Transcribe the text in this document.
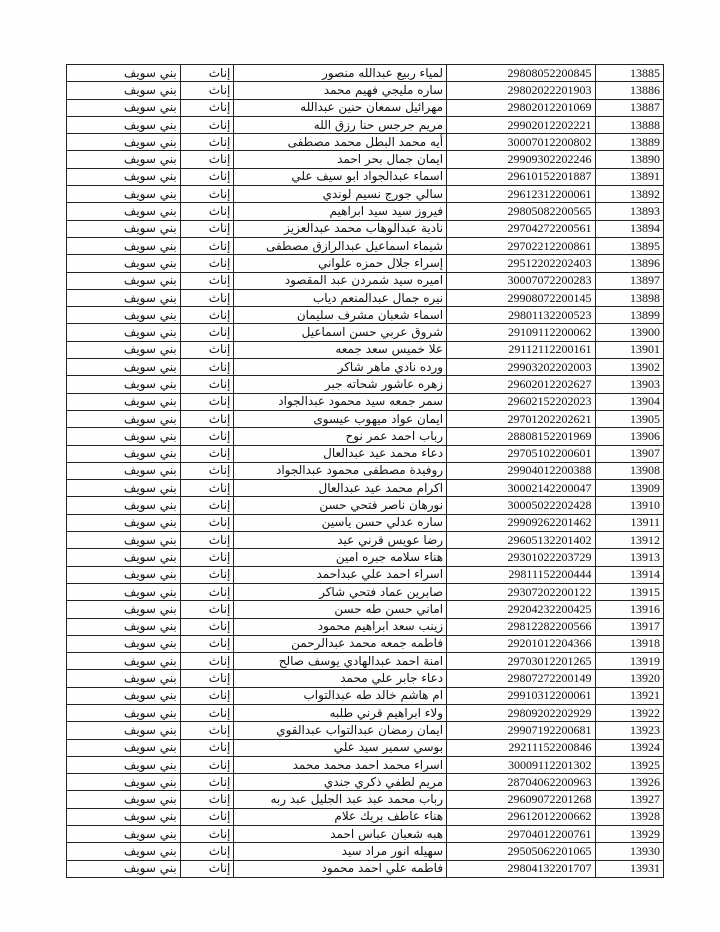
بني سويف	إناث	لمياء ربيع عبدالله منصور	29808052200845	13885
بني سويف	إناث	ساره مليجي فهيم محمد	29802022201903	13886
بني سويف	إناث	مهرائيل سمعان حنين عبدالله	29802012201069	13887
بني سويف	إناث	مريم جرجس حنا رزق الله	29902012202221	13888
بني سويف	إناث	أيه محمد البطل محمد مصطفى	30007012200802	13889
بني سويف	إناث	ايمان جمال بحر احمد	29909302202246	13890
بني سويف	إناث	اسماء عبدالجواد ابو سيف علي	29610152201887	13891
بني سويف	إناث	سالي جورج نسيم لوندي	29612312200061	13892
بني سويف	إناث	فيروز سيد سيد ابراهيم	29805082200565	13893
بني سويف	إناث	نادية عبدالوهاب محمد عبدالعزيز	29704272200561	13894
بني سويف	إناث	شيماء اسماعيل عبدالرازق مصطفى	29702212200861	13895
بني سويف	إناث	إسراء جلال حمزه علواني	29512202202403	13896
بني سويف	إناث	اميره سيد شمردن عبد المقصود	30007072200283	13897
بني سويف	إناث	نيره جمال عبدالمنعم دياب	29908072200145	13898
بني سويف	إناث	اسماء شعبان مشرف سليمان	29801132200523	13899
بني سويف	إناث	شروق عربي حسن اسماعيل	29109112200062	13900
بني سويف	إناث	علا خميس سعد جمعه	29112112200161	13901
بني سويف	إناث	ورده نادي ماهر شاكر	29903202202003	13902
بني سويف	إناث	زهره عاشور شحاته جبر	29602012202627	13903
بني سويف	إناث	سمر جمعه سيد محمود عبدالجواد	29602152202023	13904
بني سويف	إناث	ايمان عواد ميهوب عيسوى	29701202202621	13905
بني سويف	إناث	رباب احمد عمر نوح	28808152201969	13906
بني سويف	إناث	دعاء محمد عيد عبدالعال	29705102200601	13907
بني سويف	إناث	روفيدة مصطفى محمود عبدالجواد	29904012200388	13908
بني سويف	إناث	اكرام محمد عيد عبدالعال	30002142200047	13909
بني سويف	إناث	نورهان ناصر فتحي حسن	30005022202428	13910
بني سويف	إناث	ساره عدلي حسن ياسين	29909262201462	13911
بني سويف	إناث	رضا عويس قرني عيد	29605132201402	13912
بني سويف	إناث	هناء سلامه جبره امين	29301022203729	13913
بني سويف	إناث	اسراء احمد علي عبداحمد	29811152200444	13914
بني سويف	إناث	صابرين عماد فتحي شاكر	29307202200122	13915
بني سويف	إناث	اماني حسن طه حسن	29204232200425	13916
بني سويف	إناث	زينب سعد ابراهيم محمود	29812282200566	13917
بني سويف	إناث	فاطمه جمعه محمد عبدالرحمن	29201012204366	13918
بني سويف	إناث	امنة احمد عبدالهادي يوسف صالح	29703012201265	13919
بني سويف	إناث	دعاء جابر علي محمد	29807272200149	13920
بني سويف	إناث	ام هاشم خالد طه عبدالتواب	29910312200061	13921
بني سويف	إناث	ولاء ابراهيم قرني طلبه	29809202202929	13922
بني سويف	إناث	ايمان رمضان عبدالتواب عبدالقوي	29907192200681	13923
بني سويف	إناث	بوسي سمير سيد علي	29211152200846	13924
بني سويف	إناث	اسراء محمد احمد محمد محمد	30009112201302	13925
بني سويف	إناث	مريم لطفي ذكري جندي	28704062200963	13926
بني سويف	إناث	رباب محمد عبد عبد الجليل عبد ربه	29609072201268	13927
بني سويف	إناث	هناء عاطف بريك علام	29612012200662	13928
بني سويف	إناث	هبه شعبان عباس احمد	29704012200761	13929
بني سويف	إناث	سهيله انور مراد سيد	29505062201065	13930
بني سويف	إناث	فاطمه علي احمد محمود	29804132201707	13931
